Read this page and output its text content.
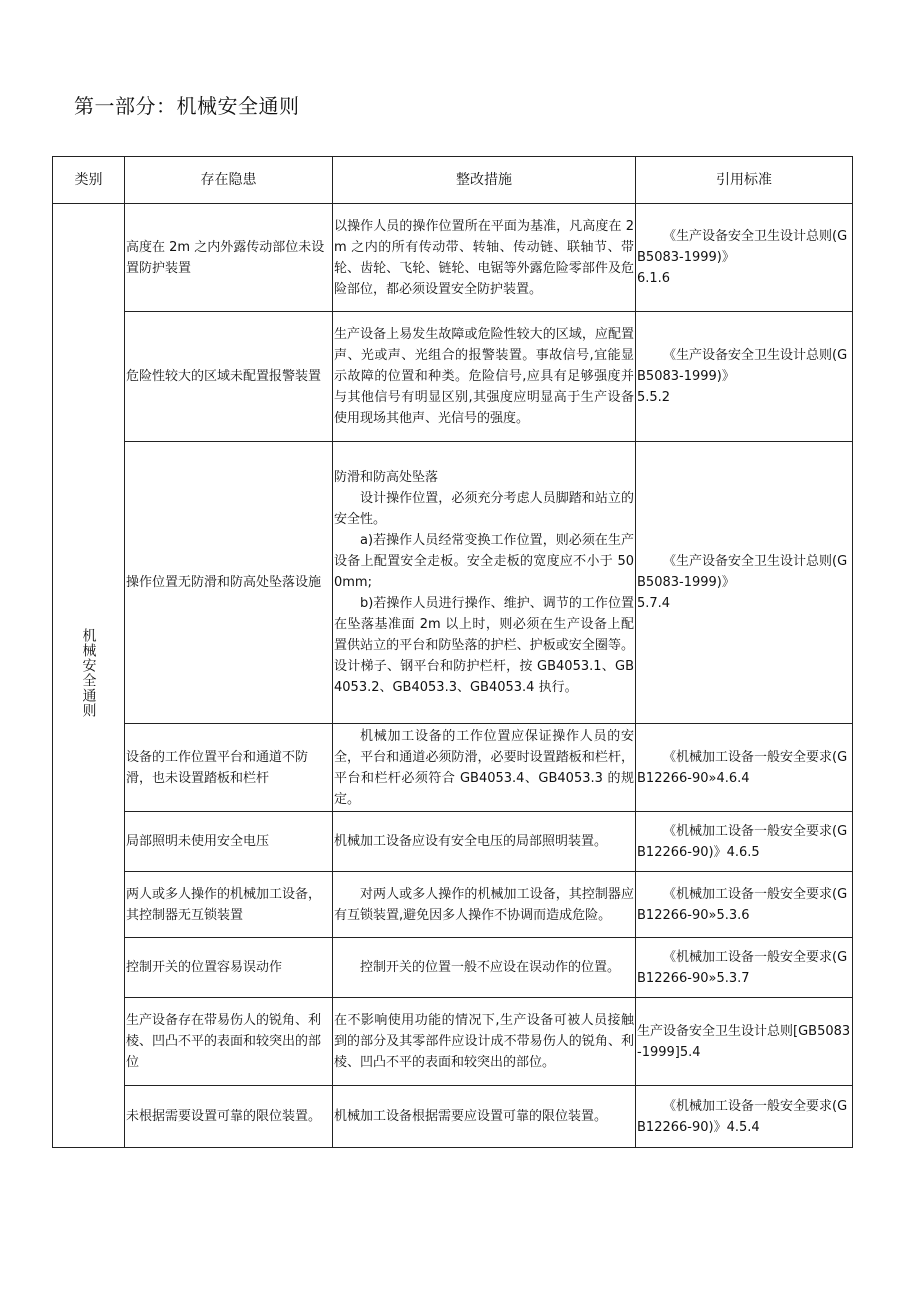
第一部分：机械安全通则
类别	存在隐患	整改措施	引用标准
机械安全通则	高度在 2m 之内外露传动部位未设置防护装置	以操作人员的操作位置所在平面为基准，凡高度在 2m 之内的所有传动带、转轴、传动链、联轴节、带轮、齿轮、飞轮、链轮、电锯等外露危险零部件及危险部位，都必须设置安全防护装置。	《生产设备安全卫生设计总则(GB5083-1999)》
6.1.6

	危险性较大的区域未配置报警装置	生产设备上易发生故障或危险性较大的区域，应配置声、光或声、光组合的报警装置。事故信号,宜能显示故障的位置和种类。危险信号,应具有足够强度并与其他信号有明显区别,其强度应明显高于生产设备使用现场其他声、光信号的强度。	《生产设备安全卫生设计总则(GB5083-1999)》
5.5.2

	操作位置无防滑和防高处坠落设施	防滑和防高处坠落
设计操作位置，必须充分考虑人员脚踏和站立的安全性。
a)若操作人员经常变换工作位置，则必须在生产设备上配置安全走板。安全走板的宽度应不小于 500mm;
b)若操作人员进行操作、维护、调节的工作位置在坠落基准面 2m 以上时，则必须在生产设备上配置供站立的平台和防坠落的护栏、护板或安全圈等。设计梯子、钢平台和防护栏杆，按 GB4053.1、GB4053.2、GB4053.3、GB4053.4 执行。	《生产设备安全卫生设计总则(GB5083-1999)》
5.7.4

	设备的工作位置平台和通道不防滑，也未设置踏板和栏杆	机械加工设备的工作位置应保证操作人员的安全，平台和通道必须防滑，必要时设置踏板和栏杆，平台和栏杆必须符合 GB4053.4、GB4053.3 的规定。	《机械加工设备一般安全要求(GB12266-90»4.6.4
	局部照明未使用安全电压	机械加工设备应设有安全电压的局部照明装置。	《机械加工设备一般安全要求(GB12266-90)》4.6.5
	两人或多人操作的机械加工设备，其控制器无互锁装置	对两人或多人操作的机械加工设备，其控制器应有互锁装置,避免因多人操作不协调而造成危险。	《机械加工设备一般安全要求(GB12266-90»5.3.6
	控制开关的位置容易误动作	控制开关的位置一般不应设在误动作的位置。	《机械加工设备一般安全要求(GB12266-90»5.3.7
	生产设备存在带易伤人的锐角、利棱、凹凸不平的表面和较突出的部位	在不影响使用功能的情况下,生产设备可被人员接触到的部分及其零部件应设计成不带易伤人的锐角、利棱、凹凸不平的表面和较突出的部位。	生产设备安全卫生设计总则[GB5083
-1999]5.4

	未根据需要设置可靠的限位装置。	机械加工设备根据需要应设置可靠的限位装置。	《机械加工设备一般安全要求(GB12266-90)》4.5.4
